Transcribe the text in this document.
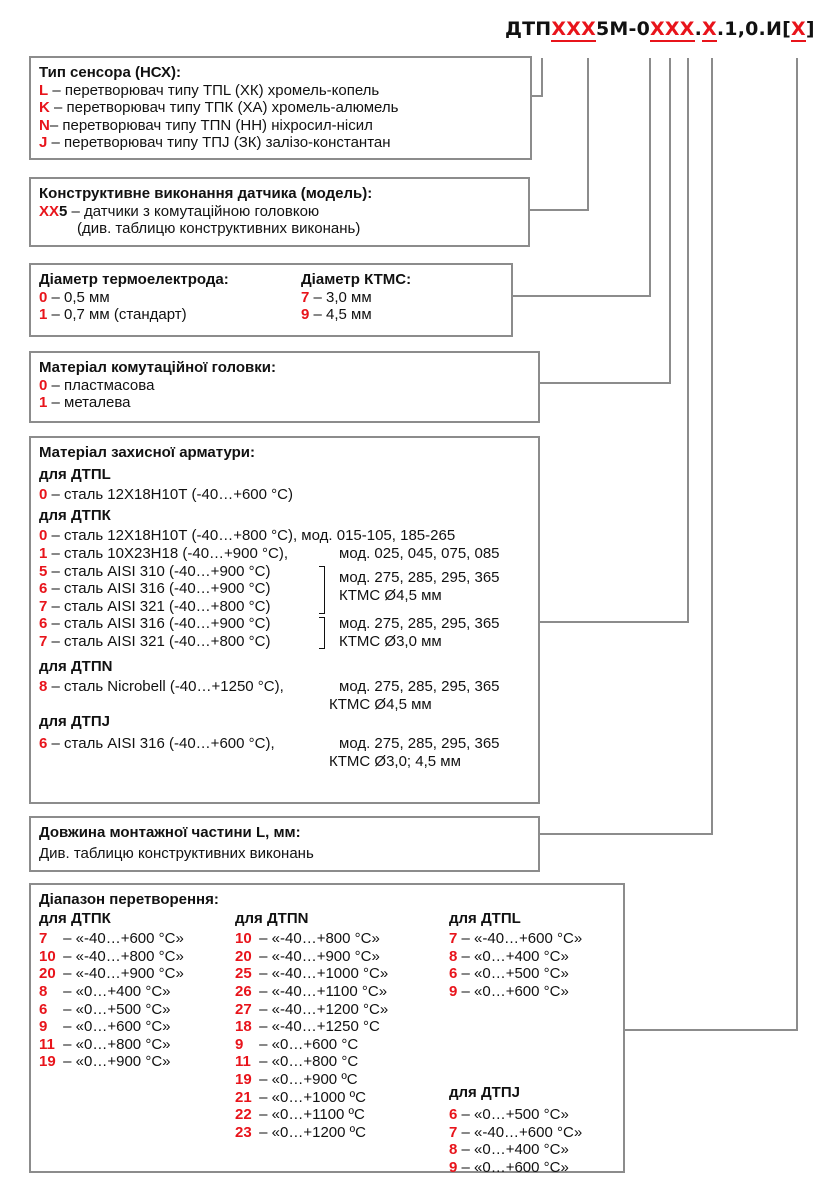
ДТПXXX5М-0XXX.X.1,0.И[X]
Тип сенсора (НСХ):
L – перетворювач типу ТПL (ХК) хромель-копель
K – перетворювач типу ТПК (ХА) хромель-алюмель
N– перетворювач типу ТПN (НН) ніхросил-нісил
J – перетворювач типу ТПJ (ЗК) залізо-константан
Конструктивне виконання датчика (модель):
XX5 – датчики з комутаційною головкою
(див. таблицю конструктивних виконань)
Діаметр термоелектрода:	Діаметр КТМС:
0 – 0,5 мм	7 – 3,0 мм
1 – 0,7 мм (стандарт)	9 – 4,5 мм
Матеріал комутаційної головки:
0 – пластмасова
1 – металева
Матеріал захисної арматури:
для ДТПL
0 – сталь 12Х18Н10Т (-40…+600 °С)
для ДТПК
0 – сталь 12Х18Н10Т (-40…+800 °С), мод. 015-105, 185-265
1 – сталь 10Х23Н18 (-40…+900 °С),	мод. 025, 045, 075, 085
5 – сталь AISI 310 (-40…+900 °С)
6 – сталь AISI 316 (-40…+900 °С)
7 – сталь AISI 321 (-40…+800 °С)
мод. 275, 285, 295, 365
КТМС Ø4,5 мм
6 – сталь AISI 316 (-40…+900 °С)
7 – сталь AISI 321 (-40…+800 °С)
мод. 275, 285, 295, 365
КТМС Ø3,0 мм
для ДТПN
8 – сталь Nicrobell (-40…+1250 °С),	мод. 275, 285, 295, 365
КТМС Ø4,5 мм
для ДТПJ
6 – сталь AISI 316 (-40…+600 °С),	мод. 275, 285, 295, 365
КТМС Ø3,0; 4,5 мм
Довжина монтажної частини L, мм:
Див. таблицю конструктивних виконань
Діапазон перетворення:
для ДТПК
7 – «-40…+600 °С»
10 – «-40…+800 °С»
20 – «-40…+900 °С»
8 – «0…+400 °С»
6 – «0…+500 °С»
9 – «0…+600 °С»
11 – «0…+800 °С»
19 – «0…+900 °С»
для ДТПN
10 – «-40…+800 °С»
20 – «-40…+900 °С»
25 – «-40…+1000 °С»
26 – «-40…+1100 °С»
27 – «-40…+1200 °С»
18 – «-40…+1250 °С
9 – «0…+600 °С
11 – «0…+800 °С
19 – «0…+900 ºС
21 – «0…+1000 ºС
22 – «0…+1100 ºС
23 – «0…+1200 ºС
для ДТПL
7 – «-40…+600 °С»
8 – «0…+400 °С»
6 – «0…+500 °С»
9 – «0…+600 °С»
для ДТПJ
6 – «0…+500 °С»
7 – «-40…+600 °С»
8 – «0…+400 °С»
9 – «0…+600 °С»
